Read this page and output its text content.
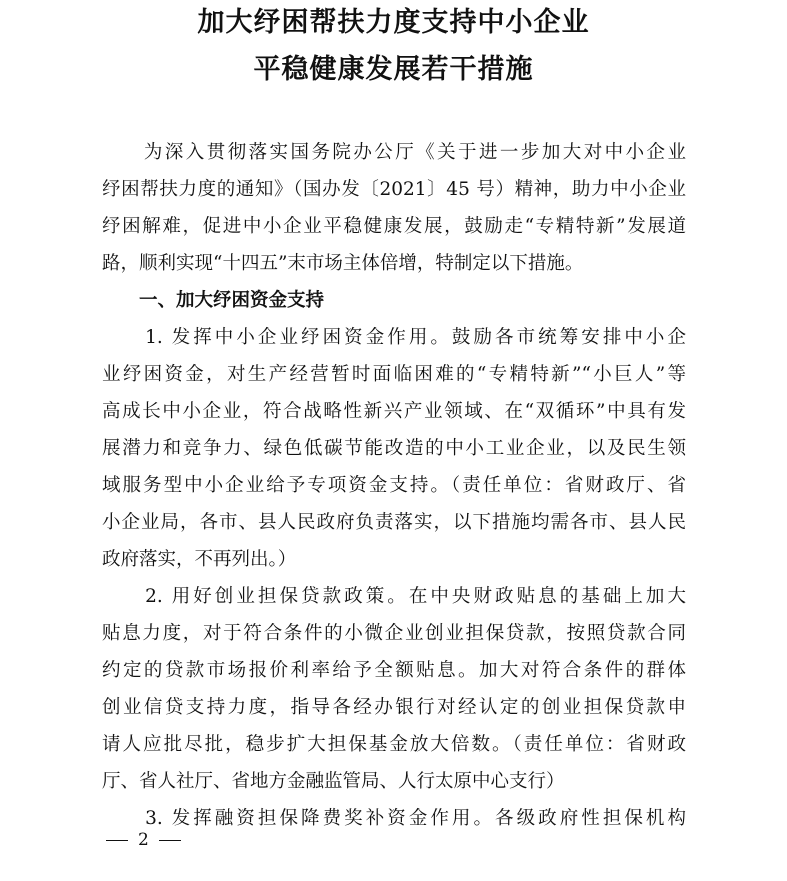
加大纾困帮扶力度支持中小企业
平稳健康发展若干措施
　　为深入贯彻落实国务院办公厅《关于进一步加大对中小企业
纾困帮扶力度的通知》（国办发〔2021〕45 号）精神，助力中小企业
纾困解难，促进中小企业平稳健康发展，鼓励走“专精特新”发展道
路，顺利实现“十四五”末市场主体倍增，特制定以下措施。
　　一、加大纾困资金支持
　　1. 发挥中小企业纾困资金作用。鼓励各市统筹安排中小企
业纾困资金，对生产经营暂时面临困难的“专精特新”“小巨人”等
高成长中小企业，符合战略性新兴产业领域、在“双循环”中具有发
展潜力和竞争力、绿色低碳节能改造的中小工业企业，以及民生领
域服务型中小企业给予专项资金支持。（责任单位：省财政厅、省
小企业局，各市、县人民政府负责落实，以下措施均需各市、县人民
政府落实，不再列出。）
　　2. 用好创业担保贷款政策。在中央财政贴息的基础上加大
贴息力度，对于符合条件的小微企业创业担保贷款，按照贷款合同
约定的贷款市场报价利率给予全额贴息。加大对符合条件的群体
创业信贷支持力度，指导各经办银行对经认定的创业担保贷款申
请人应批尽批，稳步扩大担保基金放大倍数。（责任单位：省财政
厅、省人社厅、省地方金融监管局、人行太原中心支行）
　　3. 发挥融资担保降费奖补资金作用。各级政府性担保机构
2
